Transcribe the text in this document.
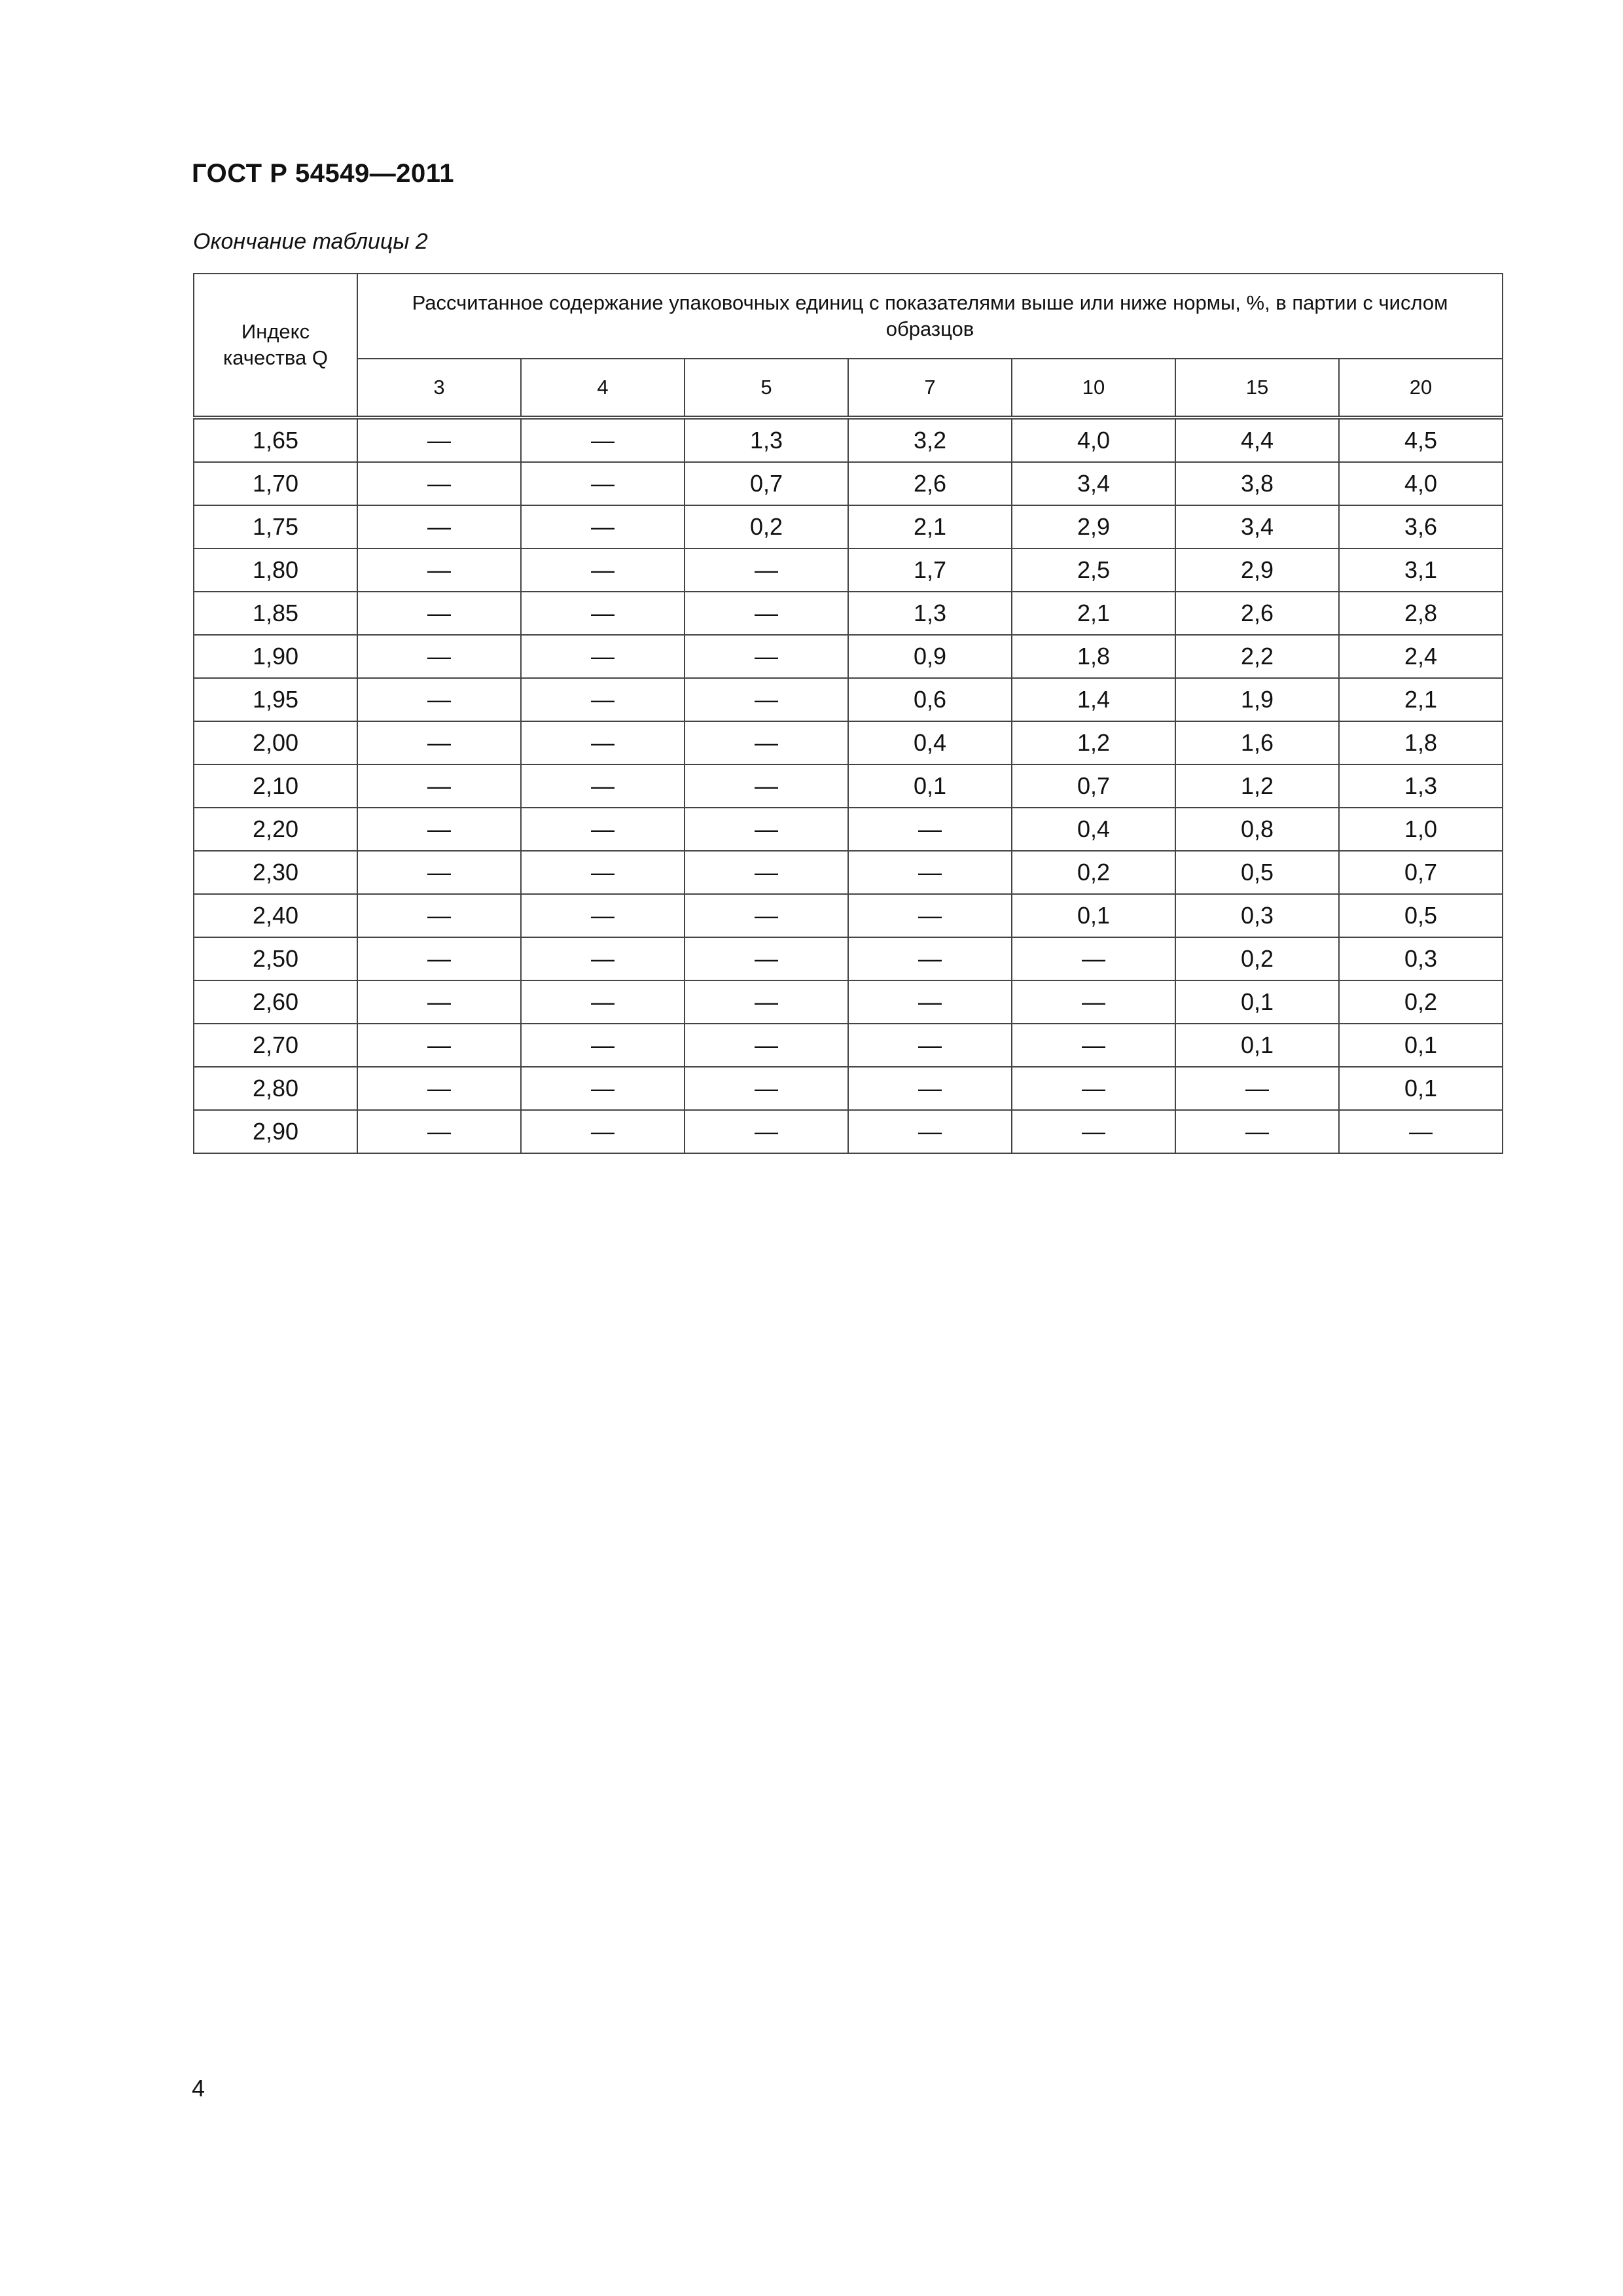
ГОСТ Р 54549—2011
Окончание таблицы 2
Индекс качества Q	Рассчитанное содержание упаковочных единиц с показателями выше или ниже нормы, %, в партии с числом образцов						
	3	4	5	7	10	15	20
1,65	—	—	1,3	3,2	4,0	4,4	4,5
1,70	—	—	0,7	2,6	3,4	3,8	4,0
1,75	—	—	0,2	2,1	2,9	3,4	3,6
1,80	—	—	—	1,7	2,5	2,9	3,1
1,85	—	—	—	1,3	2,1	2,6	2,8
1,90	—	—	—	0,9	1,8	2,2	2,4
1,95	—	—	—	0,6	1,4	1,9	2,1
2,00	—	—	—	0,4	1,2	1,6	1,8
2,10	—	—	—	0,1	0,7	1,2	1,3
2,20	—	—	—	—	0,4	0,8	1,0
2,30	—	—	—	—	0,2	0,5	0,7
2,40	—	—	—	—	0,1	0,3	0,5
2,50	—	—	—	—	—	0,2	0,3
2,60	—	—	—	—	—	0,1	0,2
2,70	—	—	—	—	—	0,1	0,1
2,80	—	—	—	—	—	—	0,1
2,90	—	—	—	—	—	—	—
4
